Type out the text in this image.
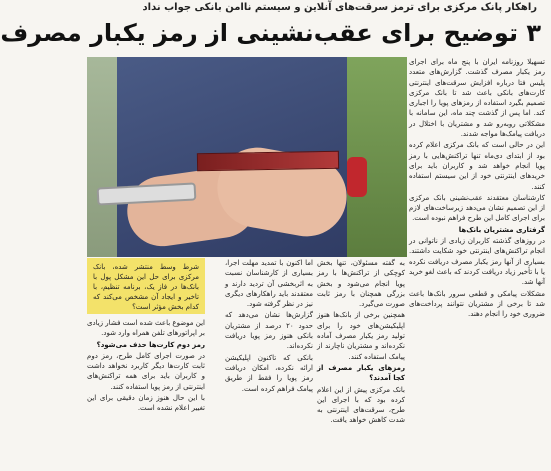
راهکار پانک مرکزی برای ترمز سرقت‌های آنلاین و سیستم ناامن بانکی جواب نداد
۳ توضیح برای عقب‌نشینی از رمز یکبار مصرف

تسهیلا روزنامه ایران با پنج ماه برای اجرای رمز یکبار مصرف گذشت. گزارش‌های متعدد پلیس فتا درباره افزایش سرقت‌های اینترنتی کارت‌های بانکی باعث شد تا بانک مرکزی تصمیم بگیرد استفاده از رمزهای پویا را اجباری کند. اما پس از گذشت چند ماه، این سامانه با مشکلاتی روبه‌رو شد و مشتریان با اختلال در دریافت پیامک‌ها مواجه شدند.

این در حالی است که بانک مرکزی اعلام کرده بود از ابتدای دی‌ماه تنها تراکنش‌هایی با رمز پویا انجام خواهد شد و کاربران باید برای خریدهای اینترنتی خود از این سیستم استفاده کنند.

کارشناسان معتقدند عقب‌نشینی بانک مرکزی از این تصمیم نشان می‌دهد زیرساخت‌های لازم برای اجرای کامل این طرح فراهم نبوده است.

گرفتاری مشتریان بانک‌ها

در روزهای گذشته کاربران زیادی از ناتوانی در انجام تراکنش‌های اینترنتی خود شکایت داشتند. بسیاری از آنها رمز یکبار مصرف دریافت نکرده یا با تأخیر زیاد دریافت کردند که باعث لغو خرید آنها شد.

مشکلات پیامکی و قطعی سرور بانک‌ها باعث شد تا برخی از مشتریان نتوانند پرداخت‌های ضروری خود را انجام دهند.

به گفته مسئولان، تنها بخش کوچکی از تراکنش‌ها با رمز پویا انجام می‌شود و بخش بزرگی همچنان با رمز ثابت صورت می‌گیرد.

همچنین برخی از بانک‌ها هنوز اپلیکیشن‌های خود را برای تولید رمز یکبار مصرف آماده نکرده‌اند و مشتریان ناچارند از پیامک استفاده کنند.

رمزهای یکبار مصرف از کجا آمدند؟

بانک مرکزی پیش از این اعلام کرده بود که با اجرای این طرح، سرقت‌های اینترنتی به شدت کاهش خواهد یافت.

اما اکنون با تمدید مهلت اجرا، بسیاری از کارشناسان نسبت به اثربخشی آن تردید دارند و معتقدند باید راهکارهای دیگری نیز در نظر گرفته شود.

گزارش‌ها نشان می‌دهد که حدود ۲۰ درصد از مشتریان بانکی هنوز رمز پویا دریافت نکرده‌اند.

بانکی که تاکنون اپلیکیشن ارائه نکرده، امکان دریافت رمز پویا را فقط از طریق پیامک فراهم کرده است.

شرط وسط منتشر شده، بانک مرکزی برای حل این مشکل پول با بانک‌ها در فاز یک، برنامه تنظیم، با تاخیر و ایجاد آن مشخص می‌کند که کدام بخش مؤثر است؟

این موضوع باعث شده است فشار زیادی بر اپراتورهای تلفن همراه وارد شود.

رمز دوم کارت‌ها حذف می‌شود؟

در صورت اجرای کامل طرح، رمز دوم ثابت کارت‌ها دیگر کاربرد نخواهد داشت و کاربران باید برای همه تراکنش‌های اینترنتی از رمز پویا استفاده کنند.

با این حال هنوز زمان دقیقی برای این تغییر اعلام نشده است.
